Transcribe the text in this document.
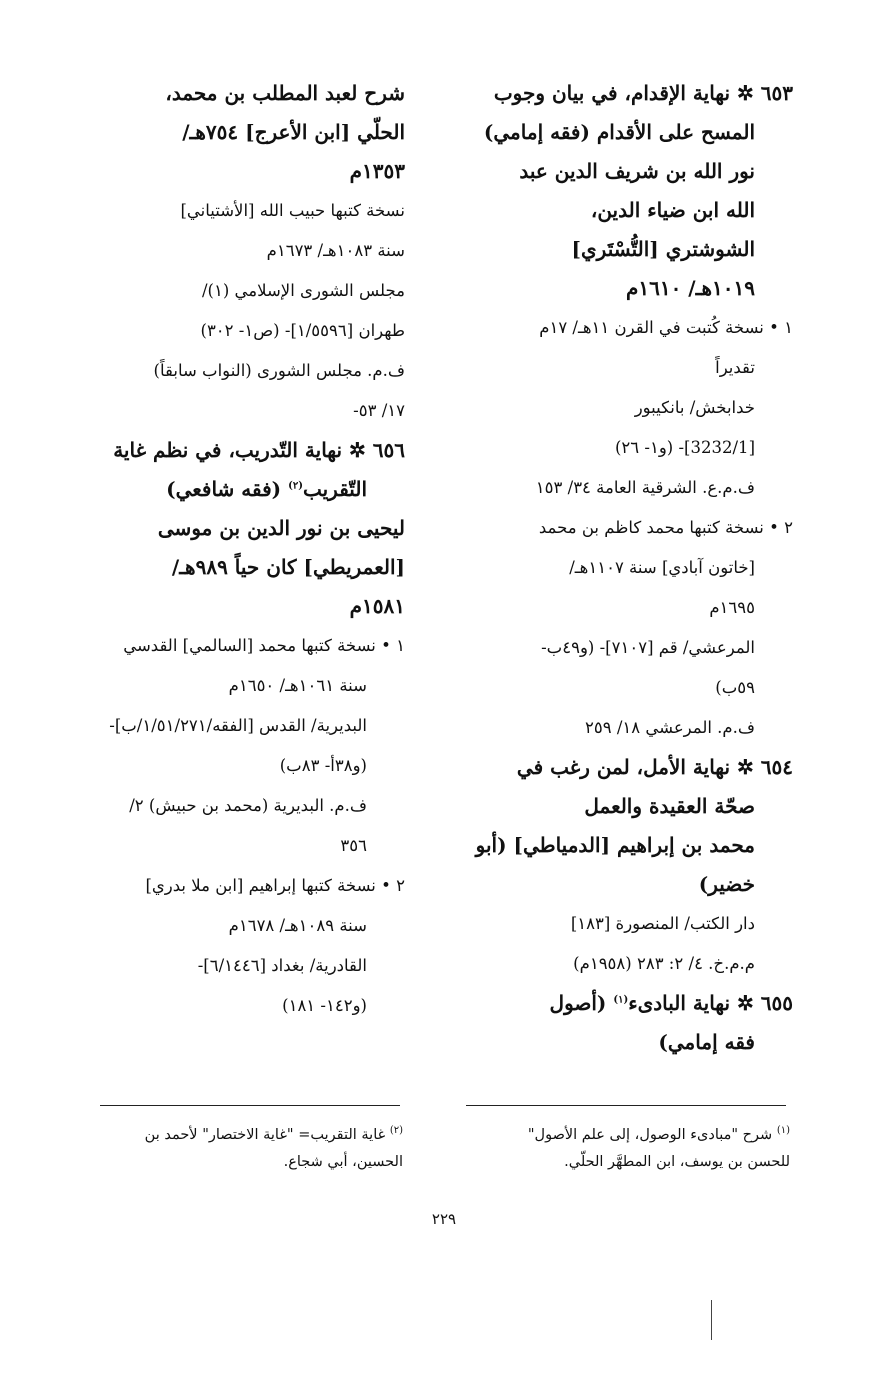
٦٥٣ ✲ نهاية الإقدام، في بيان وجوب

المسح على الأقدام (فقه إمامي)

نور الله بن شريف الدين عبد

الله ابن ضياء الدين،

الشوشتري [التُّسْتَري]

١٠١٩هـ/ ١٦١٠م

١ • نسخة كُتبت في القرن ١١هـ/ ١٧م

تقديراً

خدابخش/ بانكيبور

[3232/1]- (و١- ٢٦)

ف.م.ع. الشرقية العامة ٣٤/ ١٥٣

٢ • نسخة كتبها محمد كاظم بن محمد

[خاتون آبادي] سنة ١١٠٧هـ/

١٦٩٥م

المرعشي/ قم [٧١٠٧]- (و٤٩ب-

٥٩ب)

ف.م. المرعشي ١٨/ ٢٥٩

٦٥٤ ✲ نهاية الأمل، لمن رغب في

صحّة العقيدة والعمل

محمد بن إبراهيم [الدمياطي] (أبو

خضير)

دار الكتب/ المنصورة [١٨٣]

م.م.خ. ٤/ ٢: ٢٨٣ (١٩٥٨م)

٦٥٥ ✲ نهاية البادىء$^{(١)}$ (أصول

فقه إمامي)

شرح لعبد المطلب بن محمد،

الحلّي [ابن الأعرج] ٧٥٤هـ/

١٣٥٣م

نسخة كتبها حبيب الله [الأشتياني]

سنة ١٠٨٣هـ/ ١٦٧٣م

مجلس الشورى الإسلامي (١)/

طهران [١/٥٥٩٦]- (ص١- ٣٠٢)

ف.م. مجلس الشورى (النواب سابقاً)

١٧/ ٥٣-

٦٥٦ ✲ نهاية التّدريب، في نظم غاية

التّقريب$^{(٢)}$ (فقه شافعي)

ليحيى بن نور الدين بن موسى

[العمريطي] كان حياً ٩٨٩هـ/

١٥٨١م

١ • نسخة كتبها محمد [السالمي] القدسي

سنة ١٠٦١هـ/ ١٦٥٠م

البديرية/ القدس [الفقه/١/٥١/٢٧١/ب]-

(و٣٨أ- ٨٣ب)

ف.م. البديرية (محمد بن حبيش) ٢/

٣٥٦

٢ • نسخة كتبها إبراهيم [ابن ملا بدري]

سنة ١٠٨٩هـ/ ١٦٧٨م

القادرية/ بغداد [٦/١٤٤٦]-

(و١٤٢- ١٨١)

$^{(١)}$ شرح "مبادىء الوصول، إلى علم الأصول"
للحسن بن يوسف، ابن المطهَّر الحلّي.
$^{(٢)}$ غاية التقريب= "غاية الاختصار" لأحمد بن
الحسين، أبي شجاع.
٢٢٩
